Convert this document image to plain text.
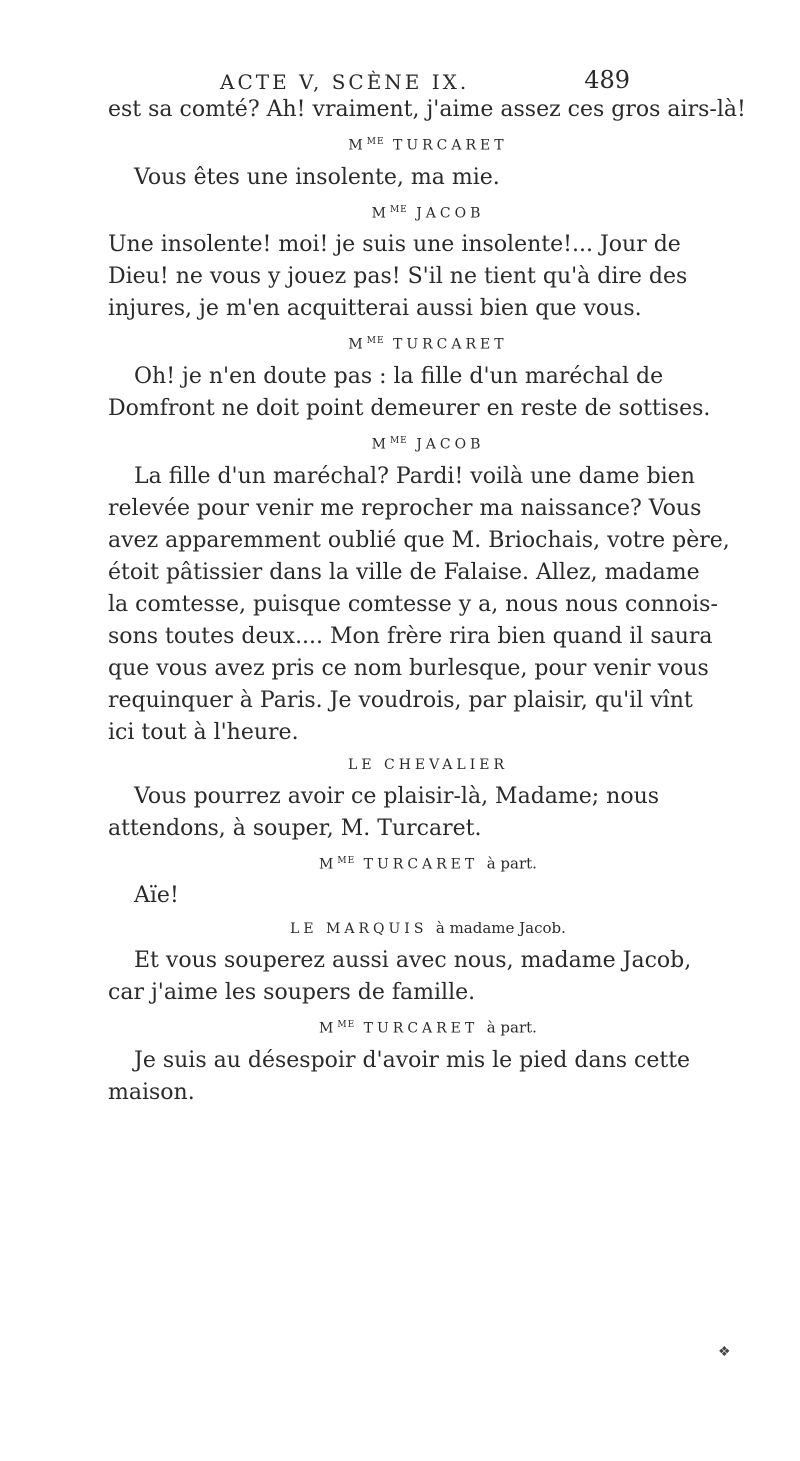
ACTE V, SCÈNE IX.	489
est sa comté? Ah! vraiment, j'aime assez ces gros airs-là!
$M^{ME}$ TURCARET
Vous êtes une insolente, ma mie.
$M^{ME}$ JACOB
Une insolente! moi! je suis une insolente!... Jour de
Dieu! ne vous y jouez pas! S'il ne tient qu'à dire des
injures, je m'en acquitterai aussi bien que vous.
$M^{ME}$ TURCARET
Oh! je n'en doute pas : la fille d'un maréchal de
Domfront ne doit point demeurer en reste de sottises.
$M^{ME}$ JACOB
La fille d'un maréchal? Pardi! voilà une dame bien
relevée pour venir me reprocher ma naissance? Vous
avez apparemment oublié que M. Briochais, votre père,
étoit pâtissier dans la ville de Falaise. Allez, madame
la comtesse, puisque comtesse y a, nous nous connois-
sons toutes deux.... Mon frère rira bien quand il saura
que vous avez pris ce nom burlesque, pour venir vous
requinquer à Paris. Je voudrois, par plaisir, qu'il vînt
ici tout à l'heure.
LE CHEVALIER
Vous pourrez avoir ce plaisir-là, Madame; nous
attendons, à souper, M. Turcaret.
$M^{ME}$ TURCARET à part.
Aïe!
LE MARQUIS à madame Jacob.
Et vous souperez aussi avec nous, madame Jacob,
car j'aime les soupers de famille.
$M^{ME}$ TURCARET à part.
Je suis au désespoir d'avoir mis le pied dans cette
maison.
❖
